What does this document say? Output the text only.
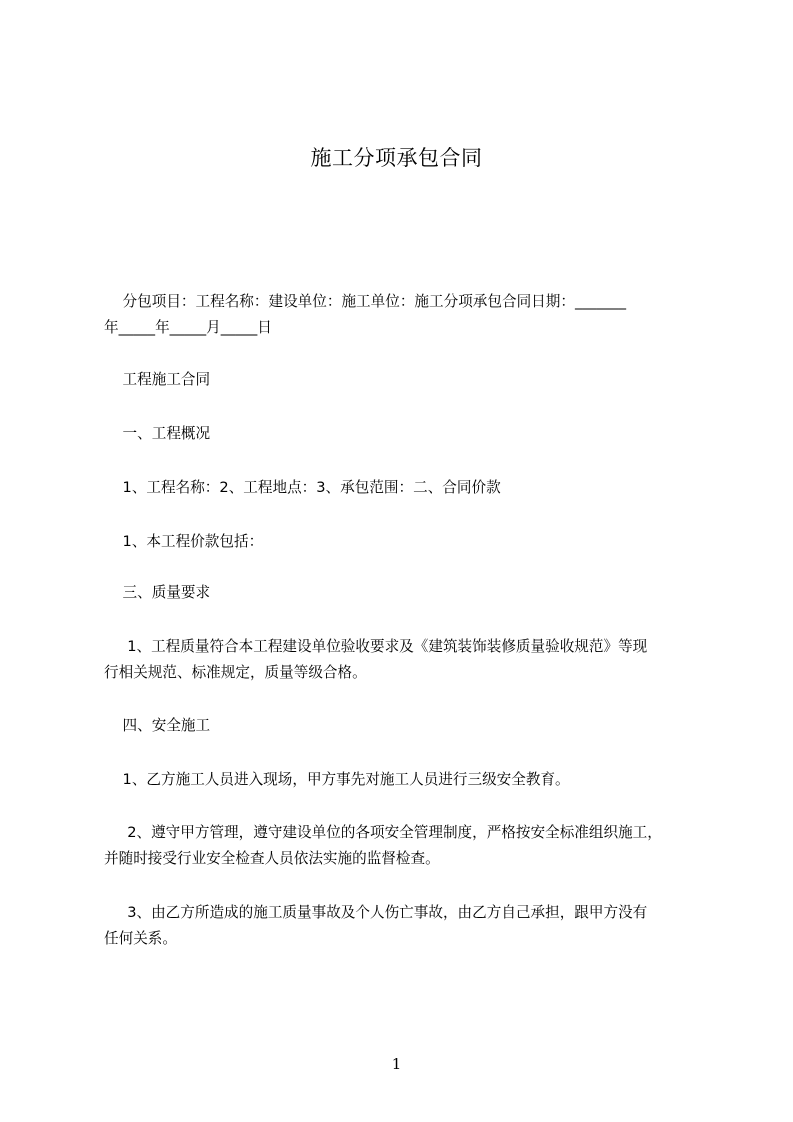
施工分项承包合同
分包项目：工程名称：建设单位：施工单位：施工分项承包合同日期：_______
年_____年_____月_____日
工程施工合同
一、工程概况
1、工程名称：2、工程地点：3、承包范围：二、合同价款
1、本工程价款包括：
三、质量要求
1、工程质量符合本工程建设单位验收要求及《建筑装饰装修质量验收规范》等现
行相关规范、标准规定，质量等级合格。
四、安全施工
1、乙方施工人员进入现场，甲方事先对施工人员进行三级安全教育。
2、遵守甲方管理，遵守建设单位的各项安全管理制度，严格按安全标准组织施工，
并随时接受行业安全检查人员依法实施的监督检查。
3、由乙方所造成的施工质量事故及个人伤亡事故，由乙方自己承担，跟甲方没有
任何关系。
1
